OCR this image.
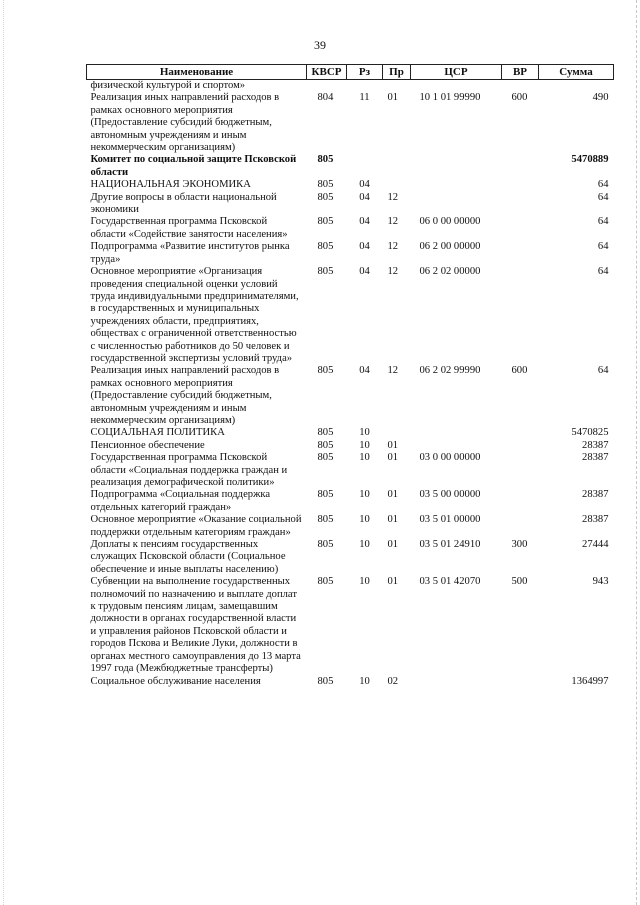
39
Наименование	КВСР	Рз	Пр	ЦСР	ВР	Сумма
физической культурой и спортом»						
Реализация иных направлений расходов в рамках основного мероприятия (Предоставление субсидий бюджетным, автономным учреждениям и иным некоммерческим организациям)	804	11	01	10 1 01 99990	600	490
Комитет по социальной защите Псковской области	805					5470889
НАЦИОНАЛЬНАЯ ЭКОНОМИКА	805	04				64
Другие вопросы в области национальной экономики	805	04	12			64
Государственная программа Псковской области «Содействие занятости населения»	805	04	12	06 0 00 00000		64
Подпрограмма «Развитие институтов рынка труда»	805	04	12	06 2 00 00000		64
Основное мероприятие «Организация проведения специальной оценки условий труда индивидуальными предпринимателями, в государственных и муниципальных учреждениях области, предприятиях, обществах с ограниченной ответственностью с численностью работников до 50 человек и государственной экспертизы условий труда»	805	04	12	06 2 02 00000		64
Реализация иных направлений расходов в рамках основного мероприятия (Предоставление субсидий бюджетным, автономным учреждениям и иным некоммерческим организациям)	805	04	12	06 2 02 99990	600	64
СОЦИАЛЬНАЯ ПОЛИТИКА	805	10				5470825
Пенсионное обеспечение	805	10	01			28387
Государственная программа Псковской области «Социальная поддержка граждан и реализация демографической политики»	805	10	01	03 0 00 00000		28387
Подпрограмма «Социальная поддержка отдельных категорий граждан»	805	10	01	03 5 00 00000		28387
Основное мероприятие «Оказание социальной поддержки отдельным категориям граждан»	805	10	01	03 5 01 00000		28387
Доплаты к пенсиям государственных служащих Псковской области (Социальное обеспечение и иные выплаты населению)	805	10	01	03 5 01 24910	300	27444
Субвенции на выполнение государственных полномочий по назначению и выплате доплат к трудовым пенсиям лицам, замещавшим должности в органах государственной власти и управления районов Псковской области и городов Пскова и Великие Луки, должности в органах местного самоуправления до 13 марта 1997 года (Межбюджетные трансферты)	805	10	01	03 5 01 42070	500	943
Социальное обслуживание населения	805	10	02			1364997
